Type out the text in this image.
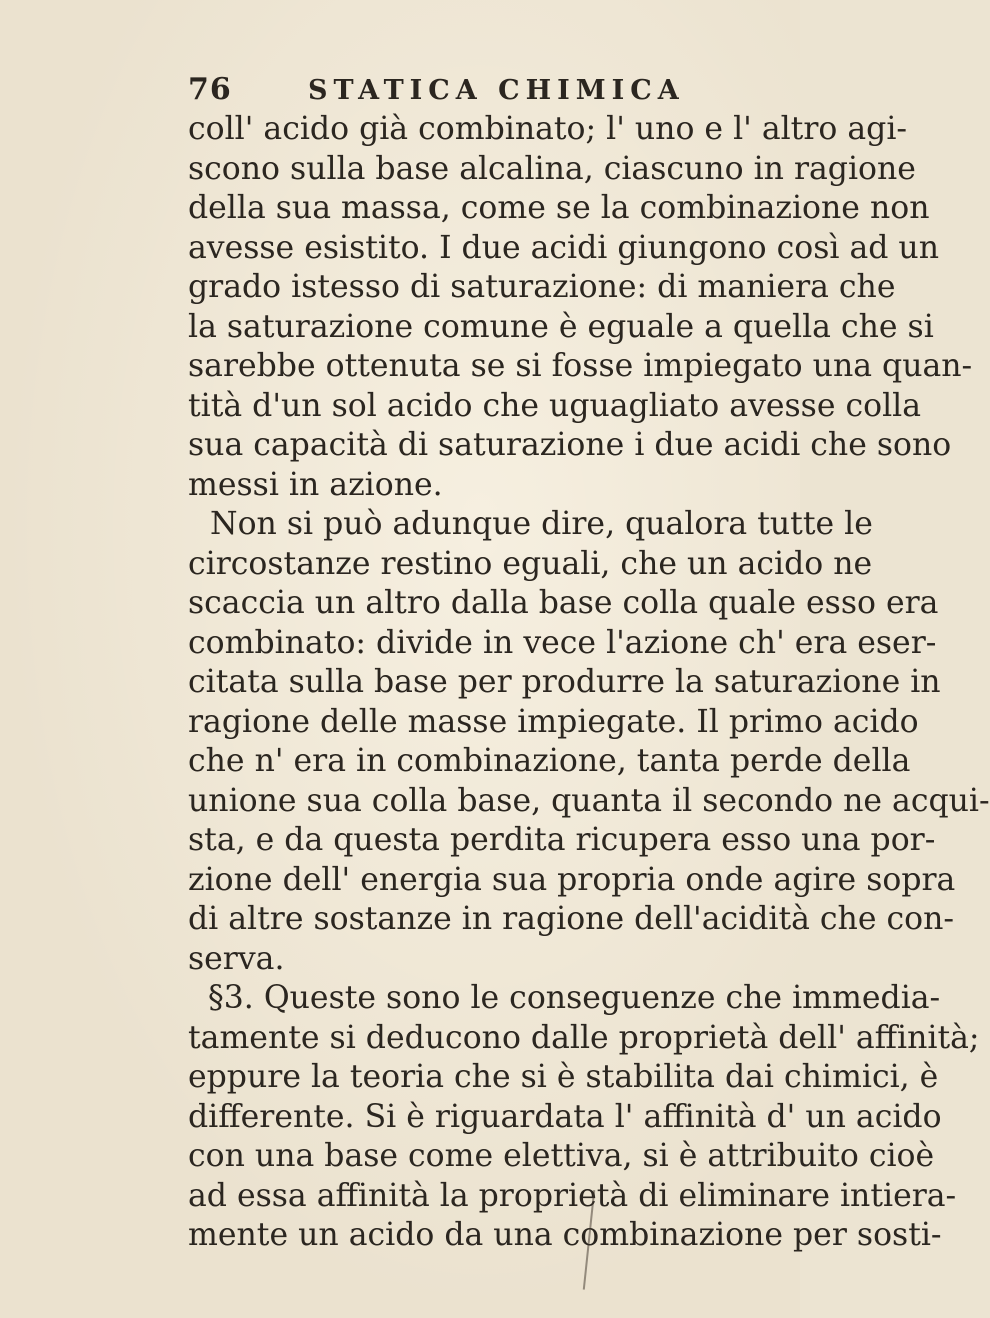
76	STATICA CHIMICA
coll' acido già combinato; l' uno e l' altro agi-
scono sulla base alcalina, ciascuno in ragione
della sua massa, come se la combinazione non
avesse esistito. I due acidi giungono così ad un
grado istesso di saturazione: di maniera che
la saturazione comune è eguale a quella che si
sarebbe ottenuta se si fosse impiegato una quan-
tità d'un sol acido che uguagliato avesse colla
sua capacità di saturazione i due acidi che sono
messi in azione.
Non si può adunque dire, qualora tutte le
circostanze restino eguali, che un acido ne
scaccia un altro dalla base colla quale esso era
combinato: divide in vece l'azione ch' era eser-
citata sulla base per produrre la saturazione in
ragione delle masse impiegate. Il primo acido
che n' era in combinazione, tanta perde della
unione sua colla base, quanta il secondo ne acqui-
sta, e da questa perdita ricupera esso una por-
zione dell' energia sua propria onde agire sopra
di altre sostanze in ragione dell'acidità che con-
serva.
§3. Queste sono le conseguenze che immedia-
tamente si deducono dalle proprietà dell' affinità;
eppure la teoria che si è stabilita dai chimici, è
differente. Si è riguardata l' affinità d' un acido
con una base come elettiva, si è attribuito cioè
ad essa affinità la proprietà di eliminare intiera-
mente un acido da una combinazione per sosti-
